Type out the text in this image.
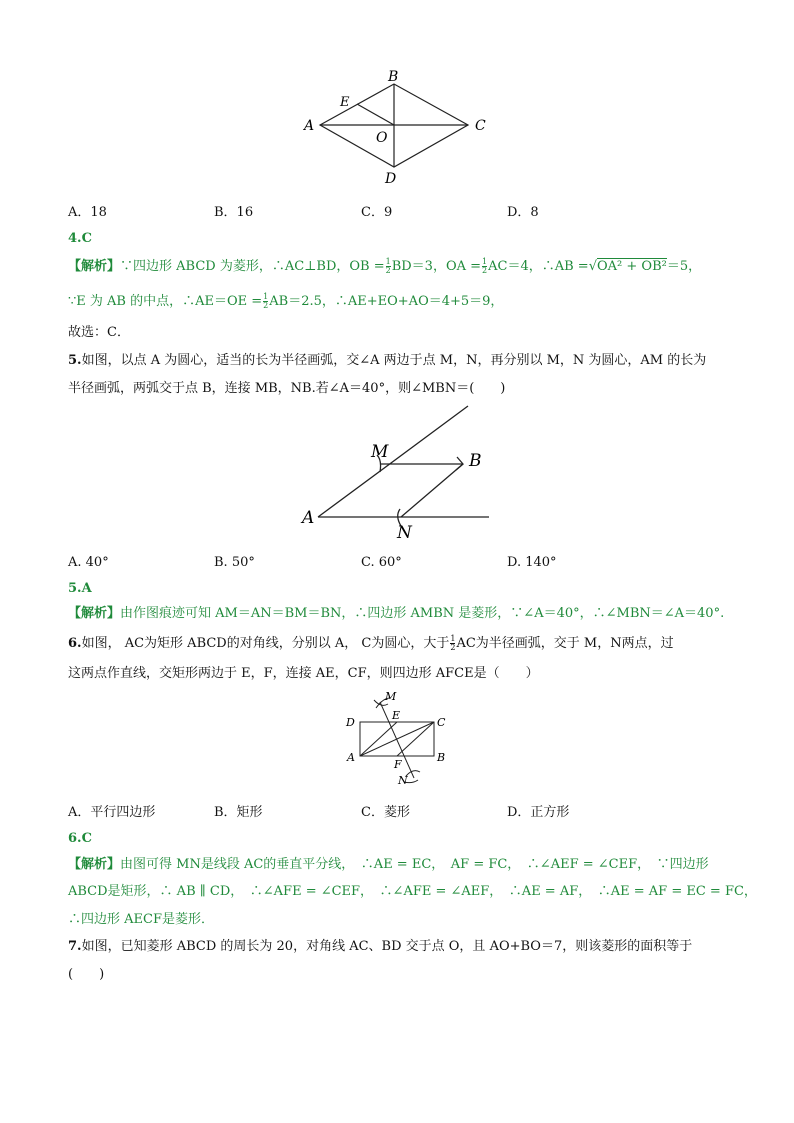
A
B
C
D
E
O
A．18	B．16	C．9	D．8
4.C
【解析】∵四边形 ABCD 为菱形，∴AC⊥BD，OB = $\frac{1}{2} BD=3$，OA = $\frac{1}{2} AC=4$，∴AB =√OA² + OB²＝5，
∵E 为 AB 的中点，∴AE＝OE = $\frac{1}{2} AB=2.5$，∴AE+EO+AO＝4+5＝9，
故选：C．
5.如图，以点 A 为圆心，适当的长为半径画弧，交∠A 两边于点 M，N，再分别以 M，N 为圆心，AM 的长为
半径画弧，两弧交于点 B，连接 MB，NB.若∠A＝40°，则∠MBN＝(　　)
M	B
A
N
A. 40°	B. 50°	C. 60°	D. 140°
5.A
【解析】由作图痕迹可知 AM＝AN＝BM＝BN，∴四边形 AMBN 是菱形，∵∠A＝40°，∴∠MBN＝∠A＝40°.
6.如图， AC为矩形 ABCD的对角线，分别以 A， C为圆心，大于 $\frac{1}{2}$ AC为半径画弧，交于 M，N两点，过
这两点作直线，交矩形两边于 E，F，连接 AE，CF，则四边形 AFCE是（　　）
M
D
E
C
A
F
B
N
A．平行四边形	B．矩形	C．菱形	D．正方形
6.C
【解析】由图可得 MN是线段 AC的垂直平分线，　∴AE = EC，　AF = FC，　∴∠AEF = ∠CEF，　∵四边形
ABCD是矩形，∴ AB ∥ CD，　∴∠AFE = ∠CEF，　∴∠AFE = ∠AEF，　∴AE = AF，　∴AE = AF = EC = FC，
∴四边形 AECF是菱形．
7.如图，已知菱形 ABCD 的周长为 20，对角线 AC、BD 交于点 O，且 AO+BO＝7，则该菱形的面积等于
(　　)
